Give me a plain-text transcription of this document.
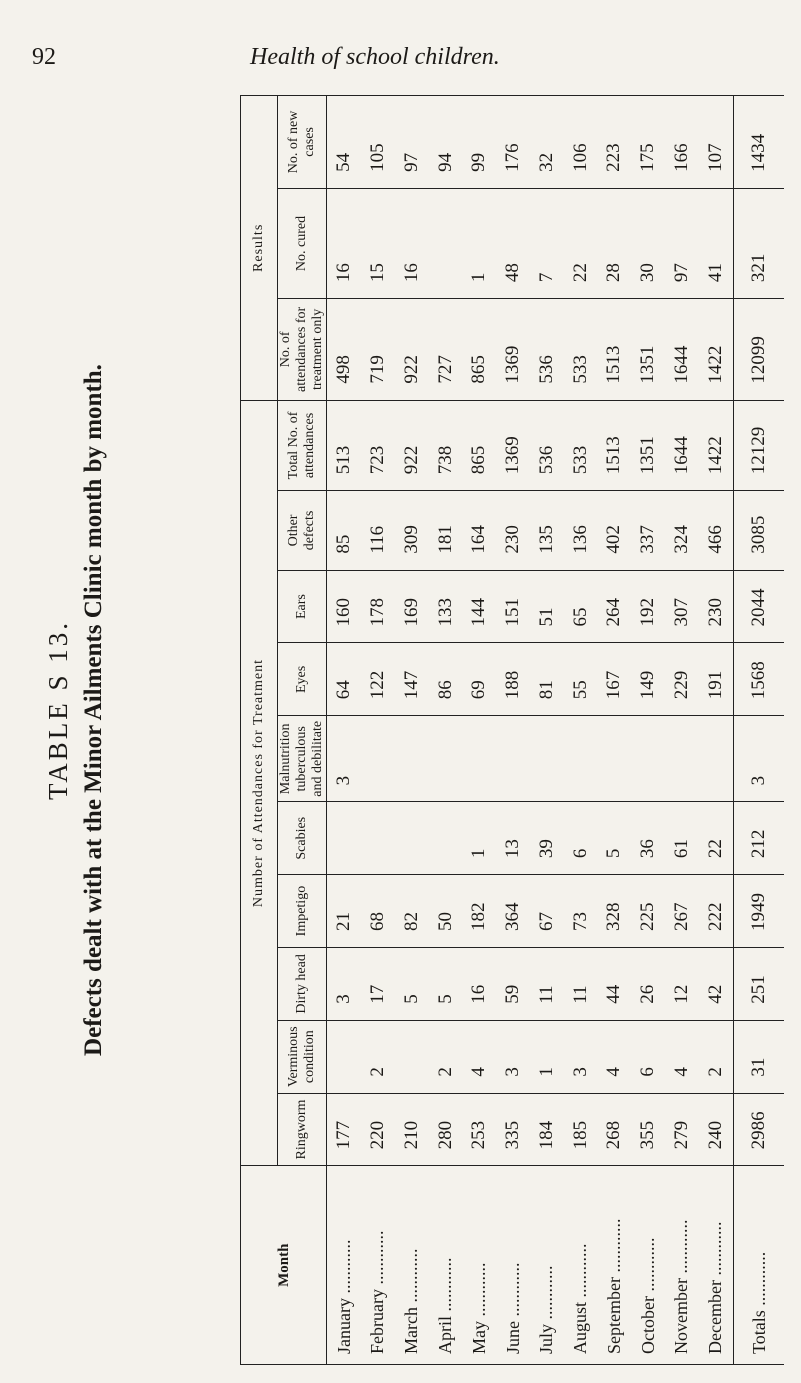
92	Health of school children.
TABLE S 13. Defects dealt with at the Minor Ailments Clinic month by month.
Month	Number of Attendances for Treatment										Results		
	Ringworm	Verminous condition	Dirty head	Impetigo	Scabies	Malnutrition tuberculous and debilitate	Eyes	Ears	Other defects	Total No. of attendances	No. of attendances for treatment only	No. cured	No. of new cases
January ............	177		3	21		3	64	160	85	513	498	16	54
February ............	220	2	17	68			122	178	116	723	719	15	105
March ............	210		5	82			147	169	309	922	922	16	97
April ............	280	2	5	50			86	133	181	738	727		94
May ............	253	4	16	182	1		69	144	164	865	865	1	99
June ............	335	3	59	364	13		188	151	230	1369	1369	48	176
July ............	184	1	11	67	39		81	51	135	536	536	7	32
August ............	185	3	11	73	6		55	65	136	533	533	22	106
September ............	268	4	44	328	5		167	264	402	1513	1513	28	223
October ............	355	6	26	225	36		149	192	337	1351	1351	30	175
November ............	279	4	12	267	61		229	307	324	1644	1644	97	166
December ............	240	2	42	222	22		191	230	466	1422	1422	41	107
Totals ............	2986	31	251	1949	212	3	1568	2044	3085	12129	12099	321	1434
